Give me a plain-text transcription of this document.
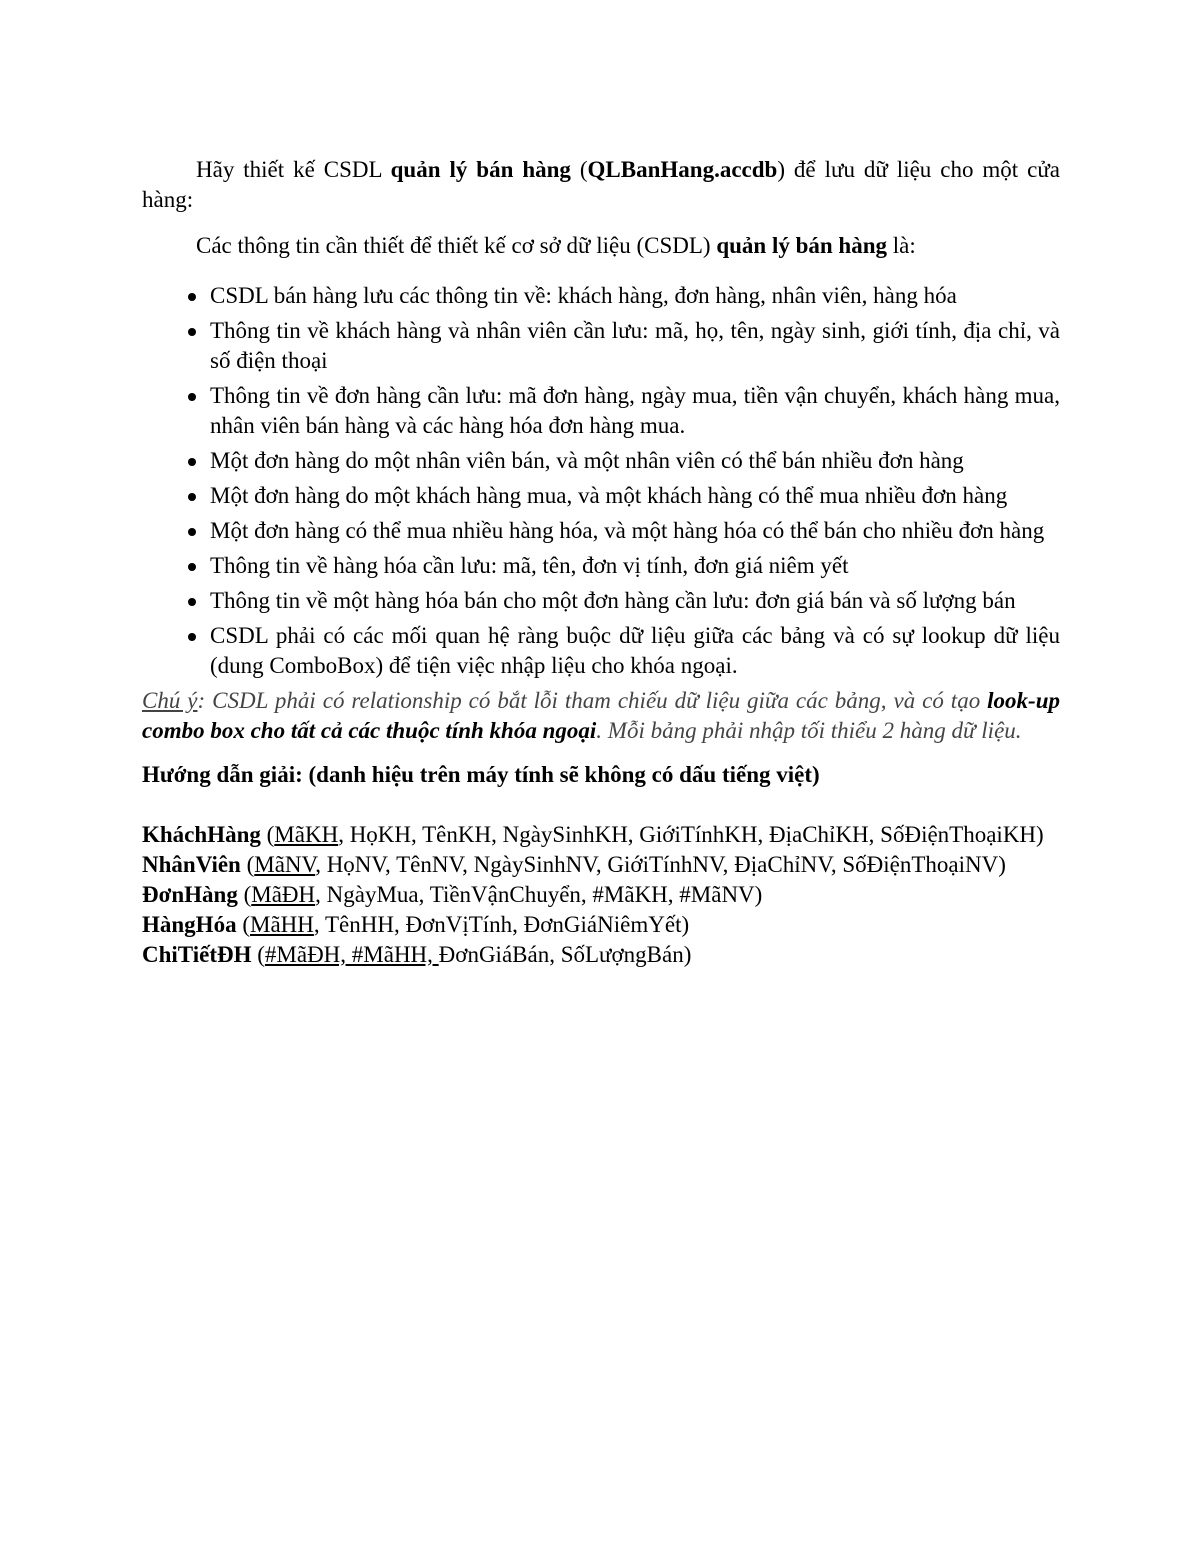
Hãy thiết kế CSDL quản lý bán hàng (QLBanHang.accdb) để lưu dữ liệu cho một cửa hàng:

Các thông tin cần thiết để thiết kế cơ sở dữ liệu (CSDL) quản lý bán hàng là:

CSDL bán hàng lưu các thông tin về: khách hàng, đơn hàng, nhân viên, hàng hóa
Thông tin về khách hàng và nhân viên cần lưu: mã, họ, tên, ngày sinh, giới tính, địa chỉ, và số điện thoại
Thông tin về đơn hàng cần lưu: mã đơn hàng, ngày mua, tiền vận chuyển, khách hàng mua, nhân viên bán hàng và các hàng hóa đơn hàng mua.
Một đơn hàng do một nhân viên bán, và một nhân viên có thể bán nhiều đơn hàng
Một đơn hàng do một khách hàng mua, và một khách hàng có thể mua nhiều đơn hàng
Một đơn hàng có thể mua nhiều hàng hóa, và một hàng hóa có thể bán cho nhiều đơn hàng
Thông tin về hàng hóa cần lưu: mã, tên, đơn vị tính, đơn giá niêm yết
Thông tin về một hàng hóa bán cho một đơn hàng cần lưu: đơn giá bán và số lượng bán
CSDL phải có các mối quan hệ ràng buộc dữ liệu giữa các bảng và có sự lookup dữ liệu (dung ComboBox) để tiện việc nhập liệu cho khóa ngoại.

Chú ý: CSDL phải có relationship có bắt lỗi tham chiếu dữ liệu giữa các bảng, và có tạo look-up combo box cho tất cả các thuộc tính khóa ngoại. Mỗi bảng phải nhập tối thiểu 2 hàng dữ liệu.

Hướng dẫn giải: (danh hiệu trên máy tính sẽ không có dấu tiếng việt)

KháchHàng (MãKH, HọKH, TênKH, NgàySinhKH, GiớiTínhKH, ĐịaChỉKH, SốĐiệnThoạiKH)

NhânViên (MãNV, HọNV, TênNV, NgàySinhNV, GiớiTínhNV, ĐịaChỉNV, SốĐiệnThoạiNV)

ĐơnHàng (MãĐH, NgàyMua, TiềnVậnChuyển, #MãKH, #MãNV)

HàngHóa (MãHH, TênHH, ĐơnVịTính, ĐơnGiáNiêmYết)

ChiTiếtĐH (#MãĐH, #MãHH, ĐơnGiáBán, SốLượngBán)
